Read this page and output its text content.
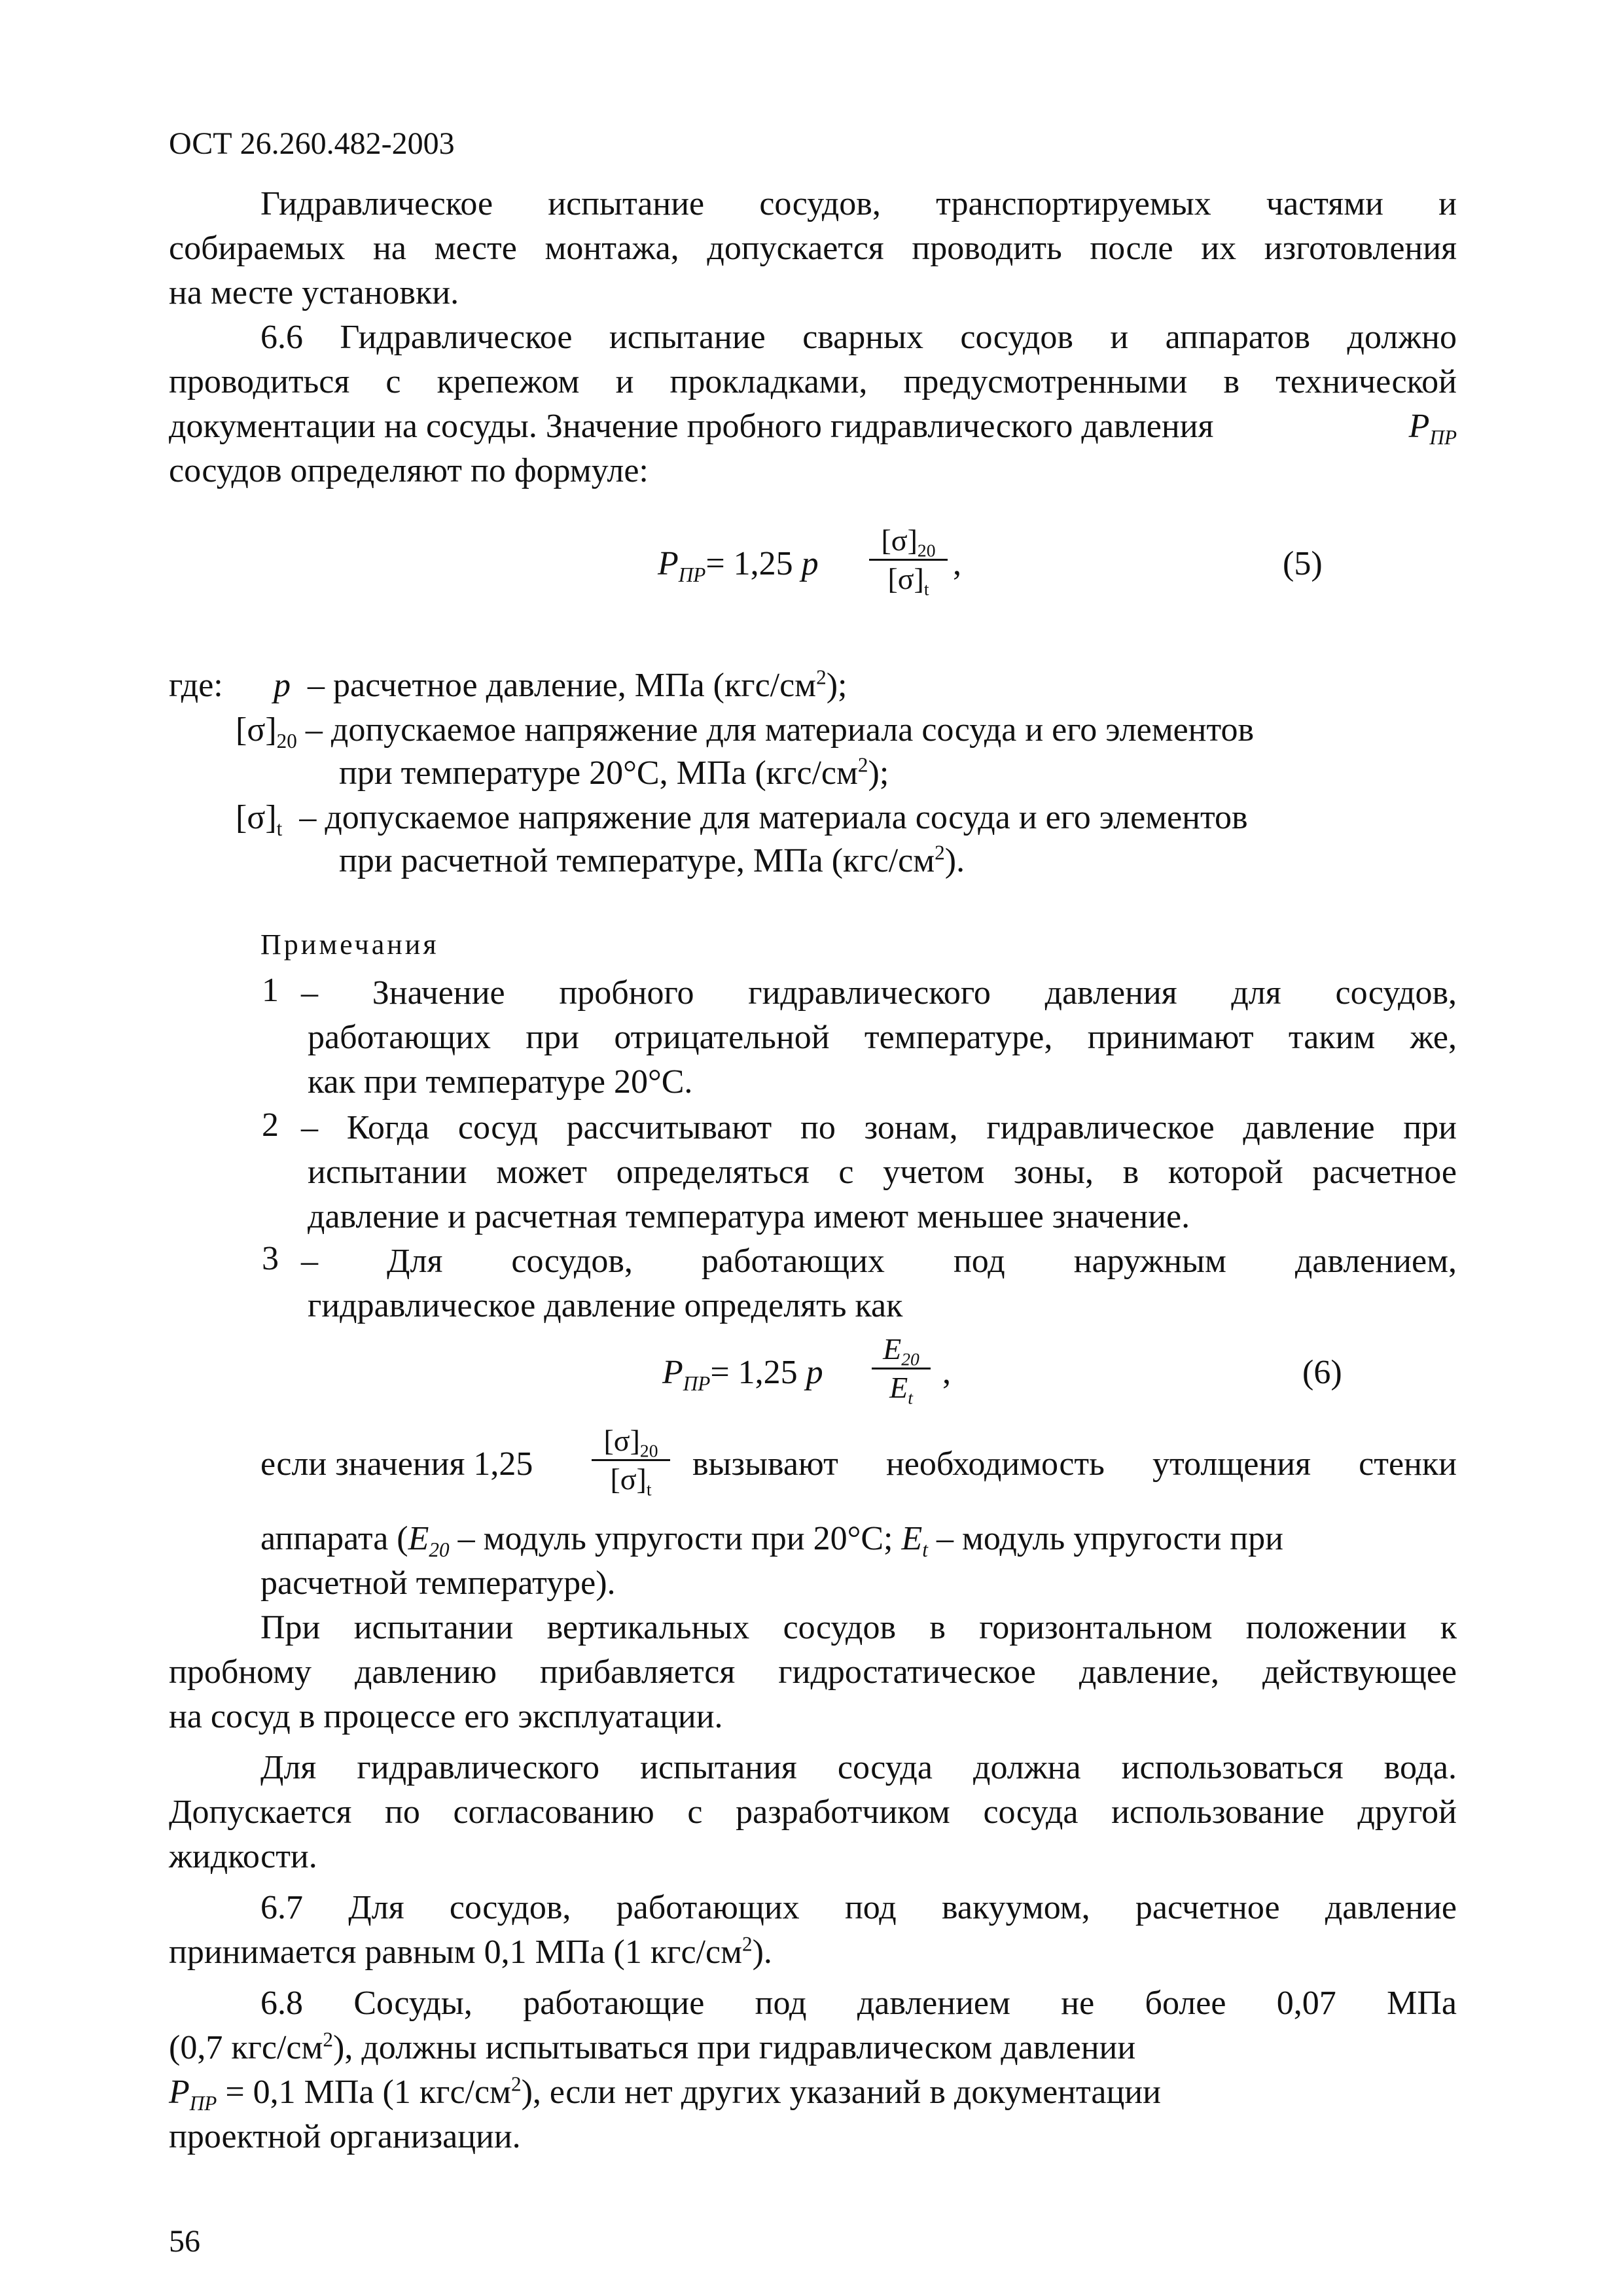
ОСТ 26.260.482-2003
Гидравлическое испытание сосудов, транспортируемых частями и
собираемых на месте монтажа, допускается проводить после их изготовления
на месте установки.
6.6 Гидравлическое испытание сварных сосудов и аппаратов должно
проводиться с крепежом и прокладками, предусмотренными в технической
документации на сосуды. Значение пробного гидравлического давления	$P_{ПР}$
сосудов определяют по формуле:
$P_{ПР}= 1,25$ p
$[\sigma]_{20}$
$[\sigma]_t$
,	(5)
где: p – расчетное давление, МПа $(кгс/см^2)$;
$[\sigma]_{20}$ – допускаемое напряжение для материала сосуда и его элементов
при температуре 20°С, МПа $(кгс/см^2)$;
$[\sigma]_t$ – допускаемое напряжение для материала сосуда и его элементов
при расчетной температуре, МПа $(кгс/см^2)$.
Примечания
1 – Значение пробного гидравлического давления для сосудов,
работающих при отрицательной температуре, принимают таким же,
как при температуре 20°С.
2 – Когда сосуд рассчитывают по зонам, гидравлическое давление при
испытании может определяться с учетом зоны, в которой расчетное
давление и расчетная температура имеют меньшее значение.
3 – Для сосудов, работающих под наружным давлением,
гидравлическое давление определять как
$P_{ПР}= 1,25$ p
$E_{20}$
$E_t$
,	(6)
если значения 1,25
$[\sigma]_{20}$
$[\sigma]_t$
вызывают необходимость утолщения стенки
аппарата ($E_{20}$ – модуль упругости при 20°С; $E_t$ – модуль упругости при
расчетной температуре).
При испытании вертикальных сосудов в горизонтальном положении к
пробному давлению прибавляется гидростатическое давление, действующее
на сосуд в процессе его эксплуатации.
Для гидравлического испытания сосуда должна использоваться вода.
Допускается по согласованию с разработчиком сосуда использование другой
жидкости.
6.7 Для сосудов, работающих под вакуумом, расчетное давление
принимается равным 0,1 МПа (1 кгс/$см^2$).
6.8 Сосуды, работающие под давлением не более 0,07 МПа
(0,7 кгс/$см^2$), должны испытываться при гидравлическом давлении
$P_{ПР} = 0,1$ МПа (1 кгс/$см^2$), если нет других указаний в документации
проектной организации.
56
